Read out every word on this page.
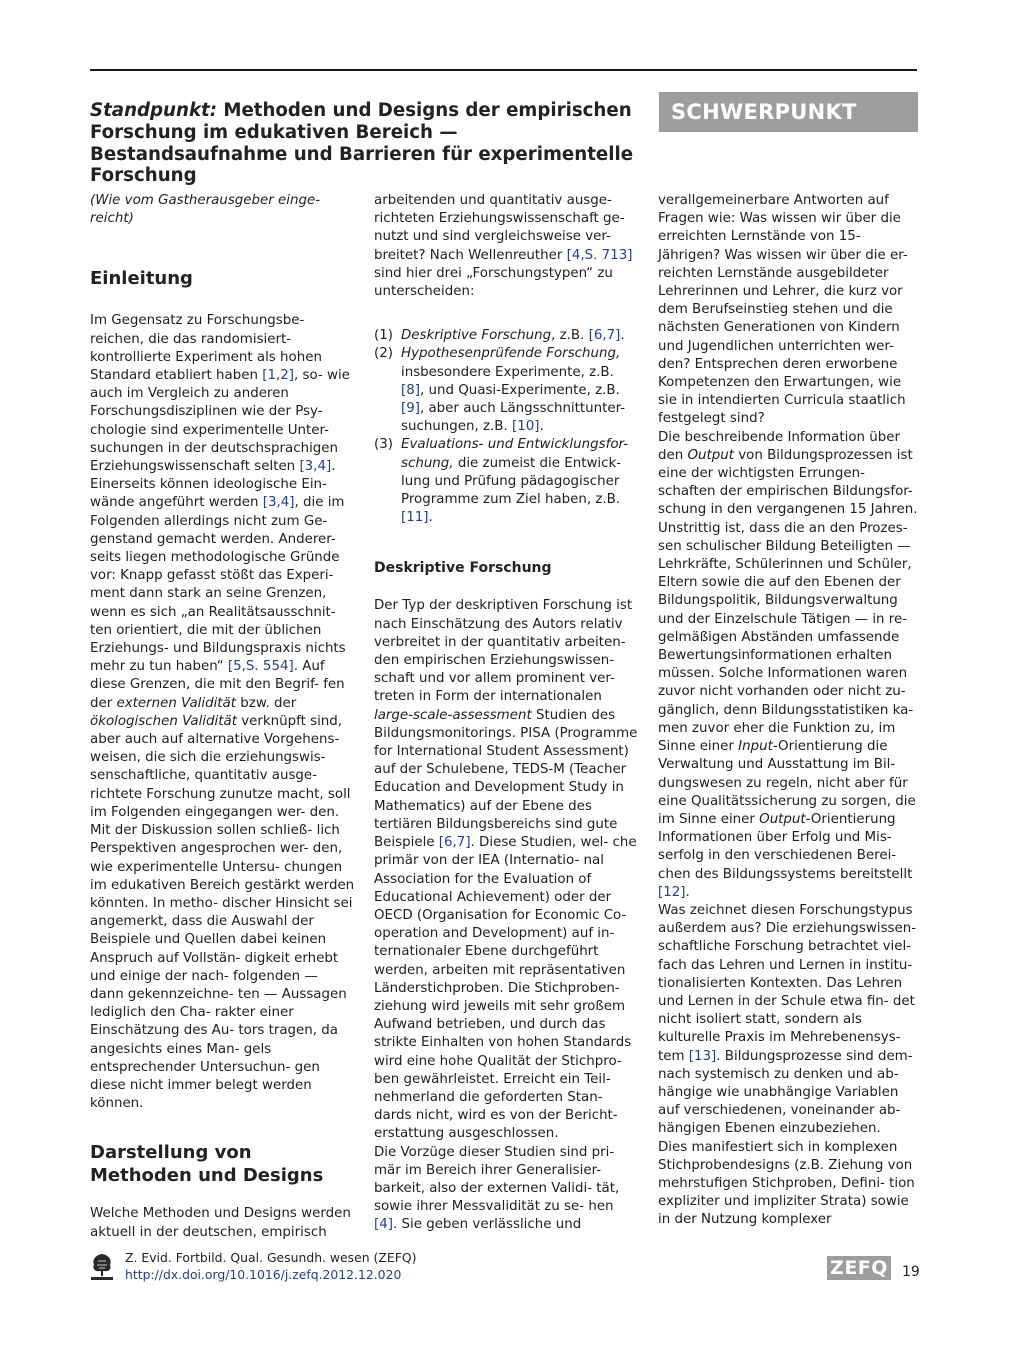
Standpunkt: Methoden und Designs der empirischen Forschung im edukativen Bereich — Bestandsaufnahme und Barrieren für experimentelle Forschung
SCHWERPUNKT

(Wie vom Gastherausgeber einge- reicht)

Einleitung

Im Gegensatz zu Forschungsbe- reichen, die das randomisiert- kontrollierte Experiment als hohen Standard etabliert haben [1,2], so- wie auch im Vergleich zu anderen Forschungsdisziplinen wie der Psy- chologie sind experimentelle Unter- suchungen in der deutschsprachigen Erziehungswissenschaft selten [3,4]. Einerseits können ideologische Ein- wände angeführt werden [3,4], die im Folgenden allerdings nicht zum Ge- genstand gemacht werden. Anderer- seits liegen methodologische Gründe vor: Knapp gefasst stößt das Experi- ment dann stark an seine Grenzen, wenn es sich „an Realitätsausschnit- ten orientiert, die mit der üblichen Erziehungs- und Bildungspraxis nichts mehr zu tun haben“ [5,S. 554]. Auf diese Grenzen, die mit den Begrif- fen der externen Validität bzw. der ökologischen Validität verknüpft sind, aber auch auf alternative Vorgehens- weisen, die sich die erziehungswis- senschaftliche, quantitativ ausge- richtete Forschung zunutze macht, soll im Folgenden eingegangen wer- den. Mit der Diskussion sollen schließ- lich Perspektiven angesprochen wer- den, wie experimentelle Untersu- chungen im edukativen Bereich gestärkt werden könnten. In metho- discher Hinsicht sei angemerkt, dass die Auswahl der Beispiele und Quellen dabei keinen Anspruch auf Vollstän- digkeit erhebt und einige der nach- folgenden — dann gekennzeichne- ten — Aussagen lediglich den Cha- rakter einer Einschätzung des Au- tors tragen, da angesichts eines Man- gels entsprechender Untersuchun- gen diese nicht immer belegt werden können.

Darstellung von Methoden und Designs

Welche Methoden und Designs werden aktuell in der deutschen, empirisch

arbeitenden und quantitativ ausge- richteten Erziehungswissenschaft ge- nutzt und sind vergleichsweise ver- breitet? Nach Wellenreuther [4,S. 713] sind hier drei „Forschungstypen“ zu unterscheiden:

(1) Deskriptive Forschung, z.B. [6,7].
(2) Hypothesenprüfende Forschung, insbesondere Experimente, z.B. [8], und Quasi-Experimente, z.B. [9], aber auch Längsschnittunter- suchungen, z.B. [10].
(3) Evaluations- und Entwicklungsfor- schung, die zumeist die Entwick- lung und Prüfung pädagogischer Programme zum Ziel haben, z.B. [11].
Deskriptive Forschung

Der Typ der deskriptiven Forschung ist nach Einschätzung des Autors relativ verbreitet in der quantitativ arbeiten- den empirischen Erziehungswissen- schaft und vor allem prominent ver- treten in Form der internationalen large-scale-assessment Studien des Bildungsmonitorings. PISA (Programme for International Student Assessment) auf der Schulebene, TEDS-M (Teacher Education and Development Study in Mathematics) auf der Ebene des tertiären Bildungsbereichs sind gute Beispiele [6,7]. Diese Studien, wel- che primär von der IEA (Internatio- nal Association for the Evaluation of Educational Achievement) oder der OECD (Organisation for Economic Co- operation and Development) auf in- ternationaler Ebene durchgeführt werden, arbeiten mit repräsentativen Länderstichproben. Die Stichproben- ziehung wird jeweils mit sehr großem Aufwand betrieben, und durch das strikte Einhalten von hohen Standards wird eine hohe Qualität der Stichpro- ben gewährleistet. Erreicht ein Teil- nehmerland die geforderten Stan- dards nicht, wird es von der Bericht- erstattung ausgeschlossen.

Die Vorzüge dieser Studien sind pri- mär im Bereich ihrer Generalisier- barkeit, also der externen Validi- tät, sowie ihrer Messvalidität zu se- hen [4]. Sie geben verlässliche und

verallgemeinerbare Antworten auf Fragen wie: Was wissen wir über die erreichten Lernstände von 15- Jährigen? Was wissen wir über die er- reichten Lernstände ausgebildeter Lehrerinnen und Lehrer, die kurz vor dem Berufseinstieg stehen und die nächsten Generationen von Kindern und Jugendlichen unterrichten wer- den? Entsprechen deren erworbene Kompetenzen den Erwartungen, wie sie in intendierten Curricula staatlich festgelegt sind?

Die beschreibende Information über den Output von Bildungsprozessen ist eine der wichtigsten Errungen- schaften der empirischen Bildungsfor- schung in den vergangenen 15 Jahren. Unstrittig ist, dass die an den Prozes- sen schulischer Bildung Beteiligten — Lehrkräfte, Schülerinnen und Schüler, Eltern sowie die auf den Ebenen der Bildungspolitik, Bildungsverwaltung und der Einzelschule Tätigen — in re- gelmäßigen Abständen umfassende Bewertungsinformationen erhalten müssen. Solche Informationen waren zuvor nicht vorhanden oder nicht zu- gänglich, denn Bildungsstatistiken ka- men zuvor eher die Funktion zu, im Sinne einer Input-Orientierung die Verwaltung und Ausstattung im Bil- dungswesen zu regeln, nicht aber für eine Qualitätssicherung zu sorgen, die im Sinne einer Output-Orientierung Informationen über Erfolg und Mis- serfolg in den verschiedenen Berei- chen des Bildungssystems bereitstellt [12].

Was zeichnet diesen Forschungstypus außerdem aus? Die erziehungswissen- schaftliche Forschung betrachtet viel- fach das Lehren und Lernen in institu- tionalisierten Kontexten. Das Lehren und Lernen in der Schule etwa fin- det nicht isoliert statt, sondern als kulturelle Praxis im Mehrebenensys- tem [13]. Bildungsprozesse sind dem- nach systemisch zu denken und ab- hängige wie unabhängige Variablen auf verschiedenen, voneinander ab- hängigen Ebenen einzubeziehen.

Dies manifestiert sich in komplexen Stichprobendesigns (z.B. Ziehung von mehrstufigen Stichproben, Defini- tion expliziter und impliziter Strata) sowie in der Nutzung komplexer

Z. Evid. Fortbild. Qual. Gesundh. wesen (ZEFQ)
http://dx.doi.org/10.1016/j.zefq.2012.12.020	ZEFQ 19
